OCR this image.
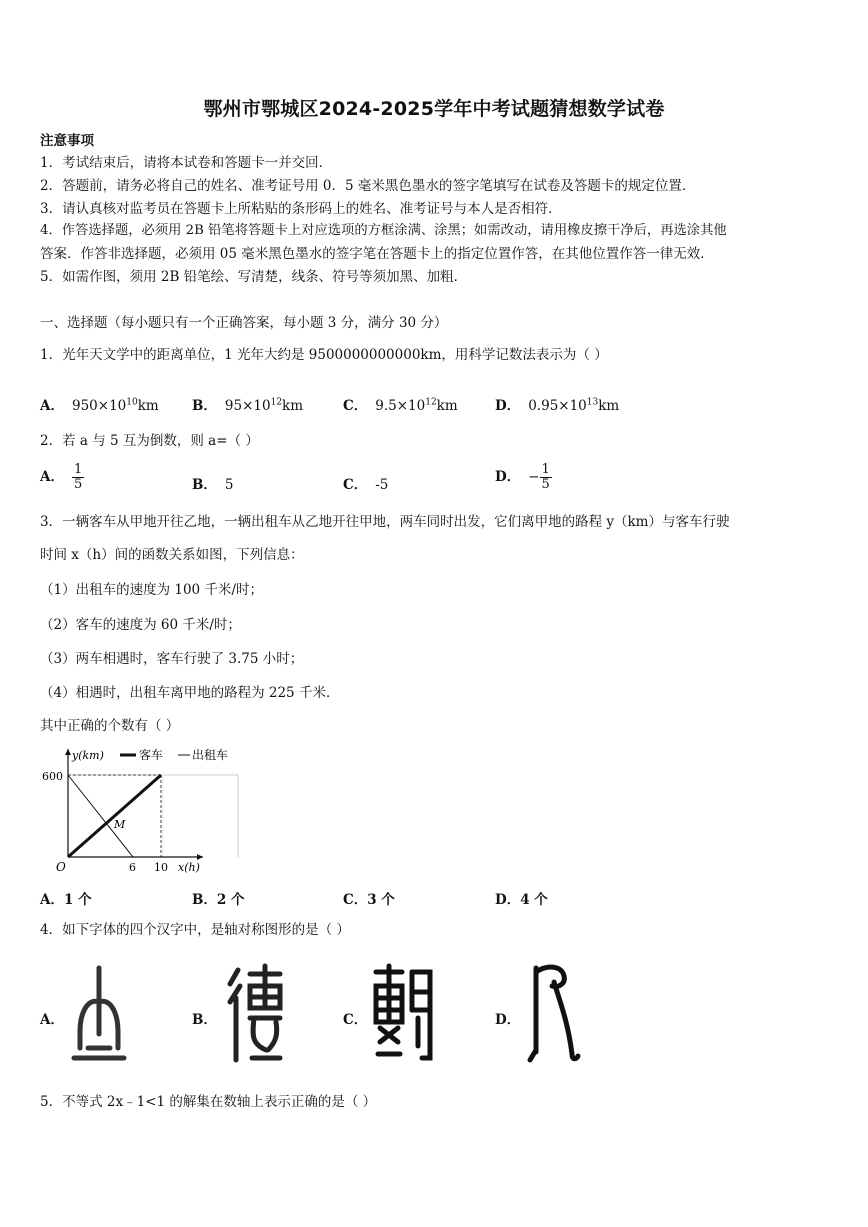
鄂州市鄂城区2024-2025学年中考试题猜想数学试卷
注意事项
1．考试结束后，请将本试卷和答题卡一并交回．
2．答题前，请务必将自己的姓名、准考证号用 0．5 毫米黑色墨水的签字笔填写在试卷及答题卡的规定位置．
3．请认真核对监考员在答题卡上所粘贴的条形码上的姓名、准考证号与本人是否相符．
4．作答选择题，必须用 2B 铅笔将答题卡上对应选项的方框涂满、涂黑；如需改动，请用橡皮擦干净后，再选涂其他
答案．作答非选择题，必须用 05 毫米黑色墨水的签字笔在答题卡上的指定位置作答，在其他位置作答一律无效．
5．如需作图，须用 2B 铅笔绘、写清楚，线条、符号等须加黑、加粗．
一、选择题（每小题只有一个正确答案，每小题 3 分，满分 30 分）
1．光年天文学中的距离单位，1 光年大约是 9500000000000km，用科学记数法表示为（ ）
A． $950\times 10^{10}km$ B． $95\times 10^{12}km$	C． $9.5\times 10^{12}km$	D． $0.95\times 10^{13}km$
2．若 a 与 5 互为倒数，则 a=（ ）
A． $\frac{1}{5}$	B． 5	C． -5	D． − $\frac{1}{5}$
3．一辆客车从甲地开往乙地，一辆出租车从乙地开往甲地，两车同时出发，它们离甲地的路程 y（km）与客车行驶
时间 x（h）间的函数关系如图，下列信息：
（1）出租车的速度为 100 千米/时；
（2）客车的速度为 60 千米/时；
（3）两车相遇时，客车行驶了 3.75 小时；
（4）相遇时，出租车离甲地的路程为 225 千米．
其中正确的个数有（ ）
y(km)	客车 出租车
600
O	6 10 x(h)
M
A．1 个	B．2 个	C．3 个	D．4 个
4．如下字体的四个汉字中，是轴对称图形的是（ ）
A．	B．	C．	D．
5．不等式 2x﹣1<1 的解集在数轴上表示正确的是（ ）
